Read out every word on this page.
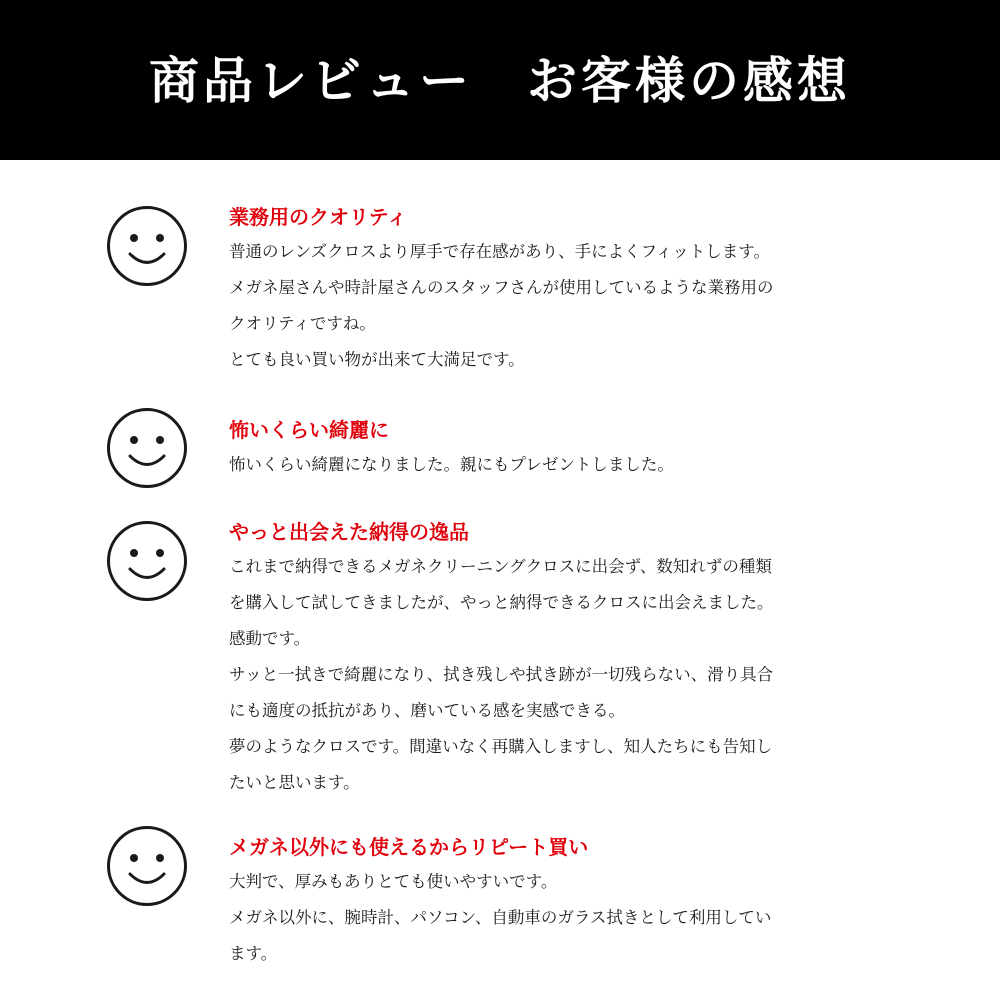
商品レビュー　お客様の感想
業務用のクオリティ
普通のレンズクロスより厚手で存在感があり、手によくフィットします。
メガネ屋さんや時計屋さんのスタッフさんが使用しているような業務用の
クオリティですね。
とても良い買い物が出来て大満足です。
怖いくらい綺麗に
怖いくらい綺麗になりました。親にもプレゼントしました。
やっと出会えた納得の逸品
これまで納得できるメガネクリーニングクロスに出会ず、数知れずの種類
を購入して試してきましたが、やっと納得できるクロスに出会えました。
感動です。
サッと一拭きで綺麗になり、拭き残しや拭き跡が一切残らない、滑り具合
にも適度の抵抗があり、磨いている感を実感できる。
夢のようなクロスです。間違いなく再購入しますし、知人たちにも告知し
たいと思います。
メガネ以外にも使えるからリピート買い
大判で、厚みもありとても使いやすいです。
メガネ以外に、腕時計、パソコン、自動車のガラス拭きとして利用してい
ます。
